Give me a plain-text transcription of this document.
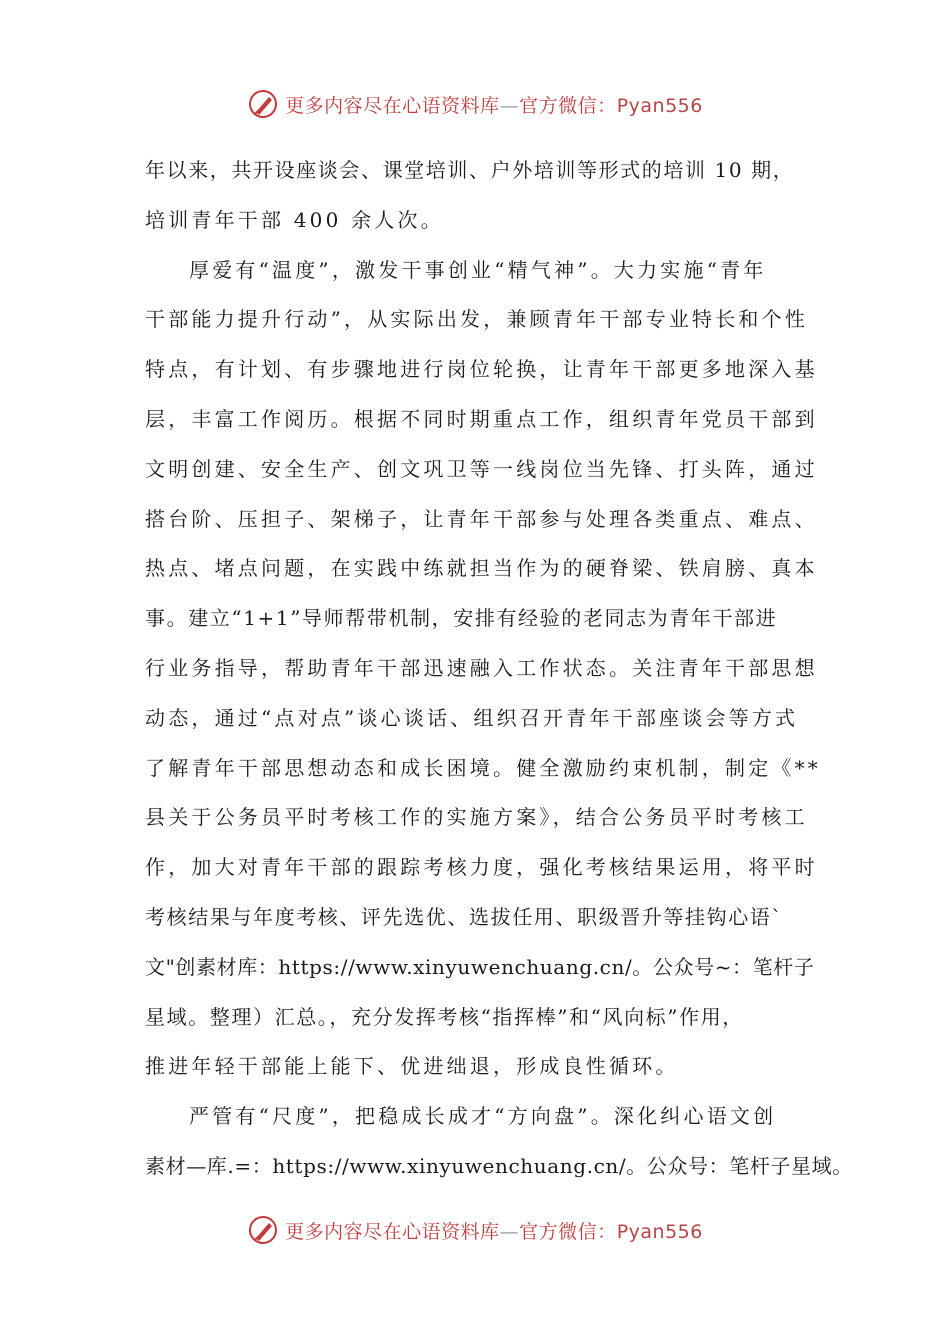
更多内容尽在心语资料库—官方微信：Pyan556
年以来，共开设座谈会、课堂培训、户外培训等形式的培训 10 期，
培训青年干部 400 余人次。
厚爱有“温度”，激发干事创业“精气神”。大力实施“青年
干部能力提升行动”，从实际出发，兼顾青年干部专业特长和个性
特点，有计划、有步骤地进行岗位轮换，让青年干部更多地深入基
层，丰富工作阅历。根据不同时期重点工作，组织青年党员干部到
文明创建、安全生产、创文巩卫等一线岗位当先锋、打头阵，通过
搭台阶、压担子、架梯子，让青年干部参与处理各类重点、难点、
热点、堵点问题，在实践中练就担当作为的硬脊梁、铁肩膀、真本
事。建立“1+1”导师帮带机制，安排有经验的老同志为青年干部进
行业务指导，帮助青年干部迅速融入工作状态。关注青年干部思想
动态，通过“点对点”谈心谈话、组织召开青年干部座谈会等方式
了解青年干部思想动态和成长困境。健全激励约束机制，制定《**
县关于公务员平时考核工作的实施方案》，结合公务员平时考核工
作，加大对青年干部的跟踪考核力度，强化考核结果运用，将平时
考核结果与年度考核、评先选优、选拔任用、职级晋升等挂钩心语`
文"创素材库：https://www.xinyuwenchuang.cn/。公众号~：笔杆子
星域。整理）汇总。，充分发挥考核“指挥棒”和“风向标”作用，
推进年轻干部能上能下、优进绌退，形成良性循环。
严管有“尺度”，把稳成长成才“方向盘”。深化纠心语文创
素材—库.=：https://www.xinyuwenchuang.cn/。公众号：笔杆子星域。
更多内容尽在心语资料库—官方微信：Pyan556
